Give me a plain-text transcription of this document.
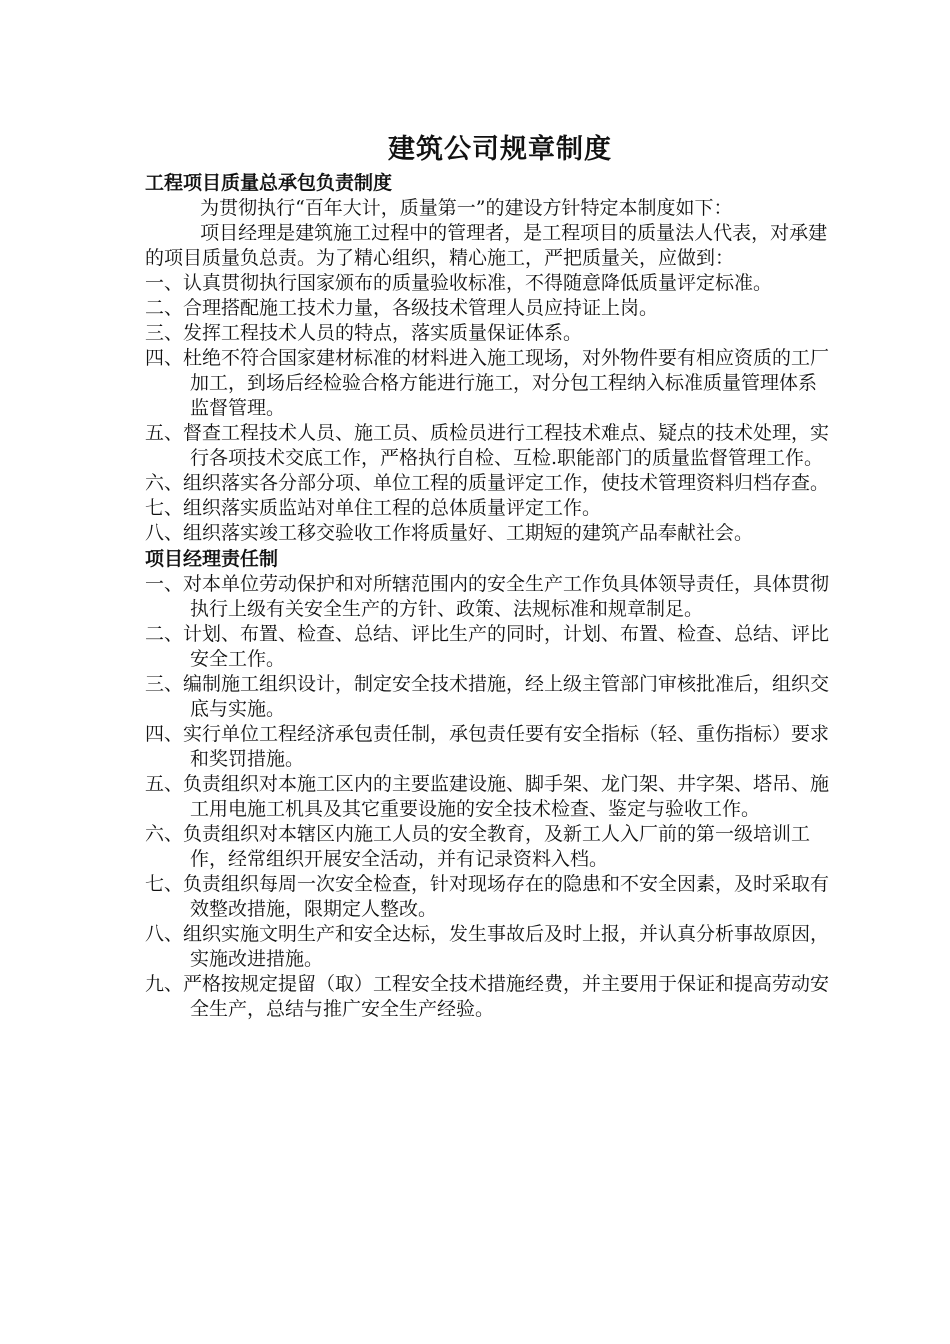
建筑公司规章制度
工程项目质量总承包负责制度

为贯彻执行“百年大计，质量第一”的建设方针特定本制度如下：

项目经理是建筑施工过程中的管理者，是工程项目的质量法人代表，对承建的项目质量负总责。为了精心组织，精心施工，严把质量关，应做到：

一、认真贯彻执行国家颁布的质量验收标准，不得随意降低质量评定标准。
二、合理搭配施工技术力量，各级技术管理人员应持证上岗。
三、发挥工程技术人员的特点，落实质量保证体系。
四、杜绝不符合国家建材标准的材料进入施工现场，对外物件要有相应资质的工厂加工，到场后经检验合格方能进行施工，对分包工程纳入标准质量管理体系监督管理。
五、督查工程技术人员、施工员、质检员进行工程技术难点、疑点的技术处理，实行各项技术交底工作，严格执行自检、互检.职能部门的质量监督管理工作。
六、组织落实各分部分项、单位工程的质量评定工作，使技术管理资料归档存查。
七、组织落实质监站对单住工程的总体质量评定工作。
八、组织落实竣工移交验收工作将质量好、工期短的建筑产品奉献社会。
项目经理责任制
一、对本单位劳动保护和对所辖范围内的安全生产工作负具体领导责任，具体贯彻执行上级有关安全生产的方针、政策、法规标准和规章制足。
二、计划、布置、检查、总结、评比生产的同时，计划、布置、检查、总结、评比安全工作。
三、编制施工组织设计，制定安全技术措施，经上级主管部门审核批准后，组织交底与实施。
四、实行单位工程经济承包责任制，承包责任要有安全指标（轻、重伤指标）要求和奖罚措施。
五、负责组织对本施工区内的主要监建设施、脚手架、龙门架、井字架、塔吊、施工用电施工机具及其它重要设施的安全技术检查、鉴定与验收工作。
六、负责组织对本辖区内施工人员的安全教育，及新工人入厂前的第一级培训工作，经常组织开展安全活动，并有记录资料入档。
七、负责组织每周一次安全检查，针对现场存在的隐患和不安全因素，及时采取有效整改措施，限期定人整改。
八、组织实施文明生产和安全达标，发生事故后及时上报，并认真分析事故原因，实施改进措施。
九、严格按规定提留（取）工程安全技术措施经费，并主要用于保证和提高劳动安全生产，总结与推广安全生产经验。
